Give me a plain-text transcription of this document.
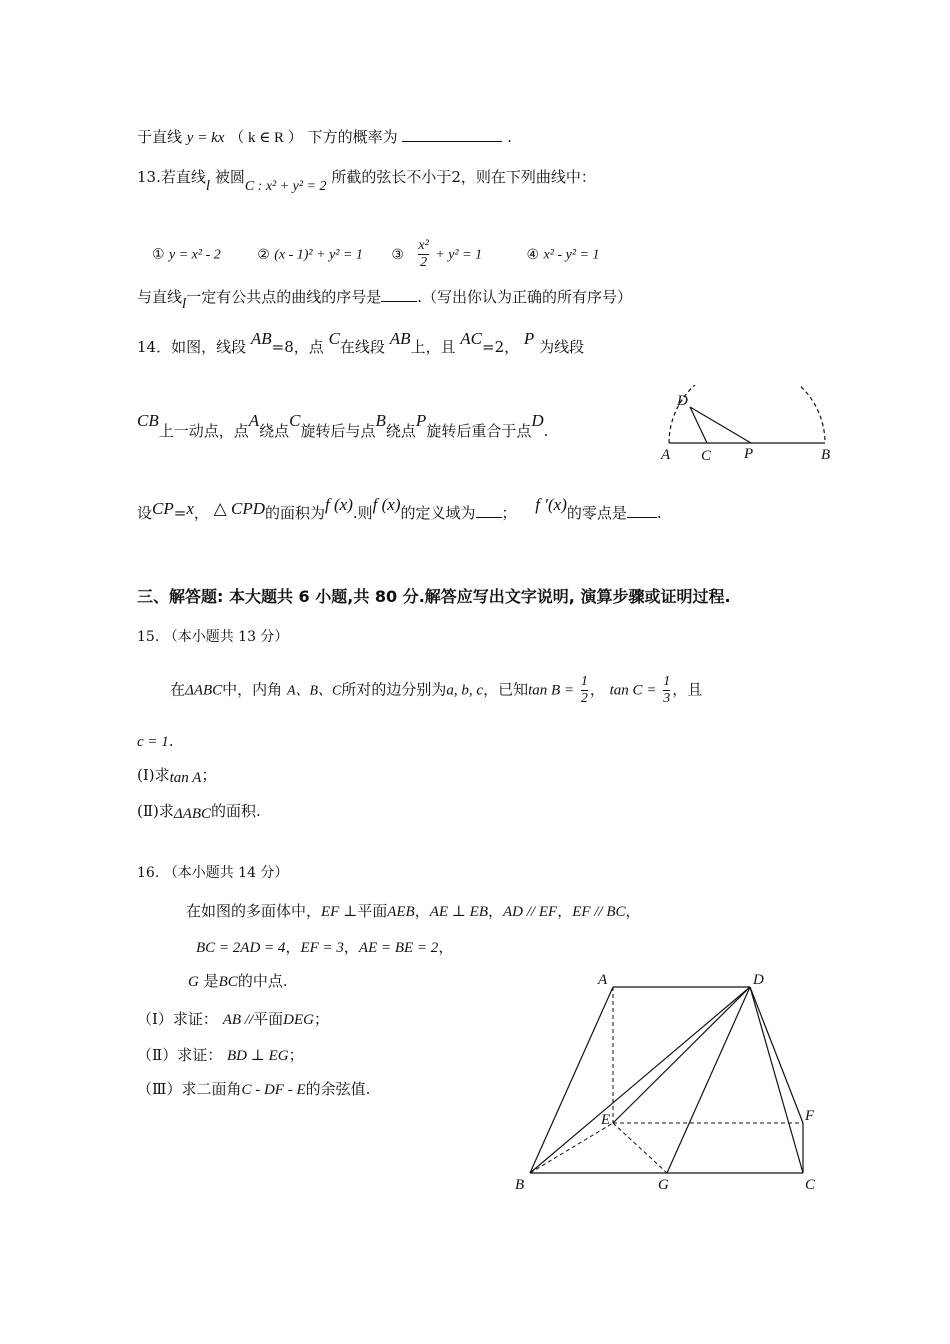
于直线 y = kx （ k ∈ R ） 下方的概率为	.
13.若直线l 被圆C : x² + y² = 2 所截的弦长不小于2，则在下列曲线中：
① y = x² - 2	② (x - 1)² + y² = 1 ③ $\frac{\text{x²}}{2} + y^2 = 1$	④ x² - y² = 1
与直线l一定有公共点的曲线的序号是 .（写出你认为正确的所有序号）
14．如图，线段 AB=8，点 C在线段 AB上，且 AC=2， P 为线段
CB上一动点，点A绕点C旋转后与点B绕点P旋转后重合于点D.
D
A C P	B
设CP=x， △ CPD的面积为f (x).则f (x)的定义域为 ； f ′(x)的零点是 .
三、解答题: 本大题共 6 小题,共 80 分.解答应写出文字说明, 演算步骤或证明过程.
15. （本小题共 13 分）
在ΔABC中，内角 A、B、C所对的边分别为a, b, c，已知$\tan B = \frac{1}{2}$ ， $\tan C = \frac{1}{3}$ ，且
c = 1.
(Ⅰ)求tan A；
(Ⅱ)求ΔABC的面积.
16. （本小题共 14 分）
在如图的多面体中，EF ⊥平面AEB，AE ⊥ EB，AD // EF，EF // BC，
BC = 2AD = 4，EF = 3，AE = BE = 2，
G 是BC的中点.
（Ⅰ）求证： AB //平面DEG；
（Ⅱ）求证： BD ⊥ EG；
（Ⅲ）求二面角C - DF - E的余弦值.
A	D
E	F
B	G	C
